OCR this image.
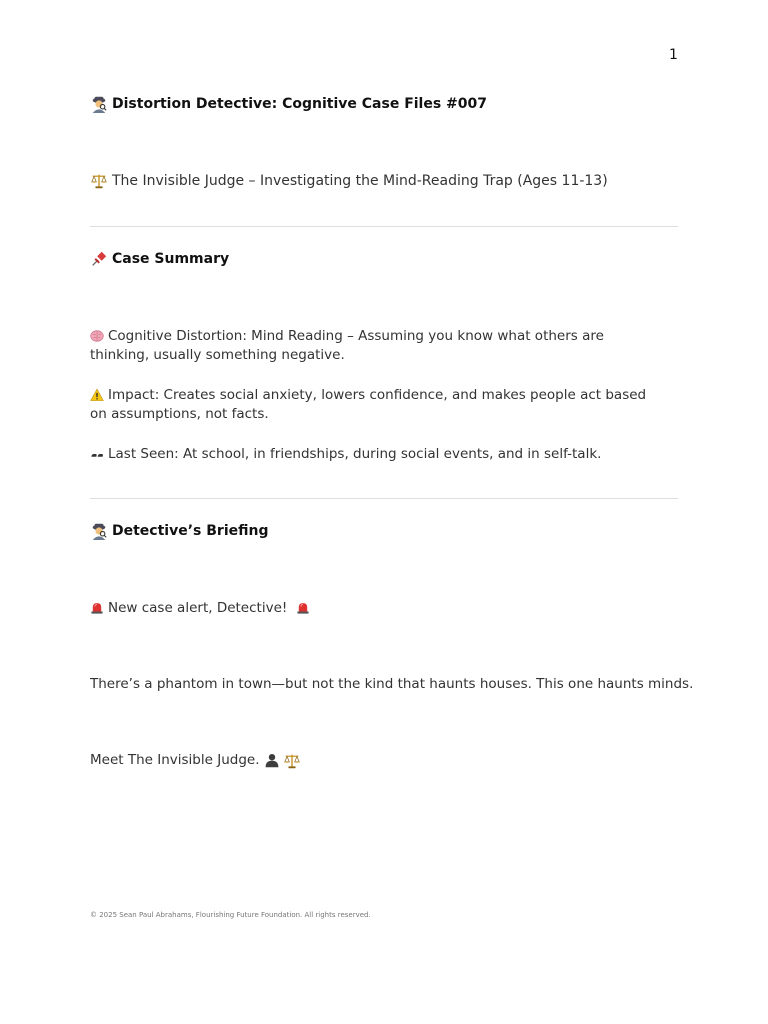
1
Distortion Detective: Cognitive Case Files #007
The Invisible Judge – Investigating the Mind-Reading Trap (Ages 11-13)
Case Summary
Cognitive Distortion: Mind Reading – Assuming you know what others are thinking, usually something negative.
Impact: Creates social anxiety, lowers confidence, and makes people act based on assumptions, not facts.
Last Seen: At school, in friendships, during social events, and in self-talk.
Detective’s Briefing
New case alert, Detective!
There’s a phantom in town—but not the kind that haunts houses. This one haunts minds.
Meet The Invisible Judge.
© 2025 Sean Paul Abrahams, Flourishing Future Foundation. All rights reserved.
